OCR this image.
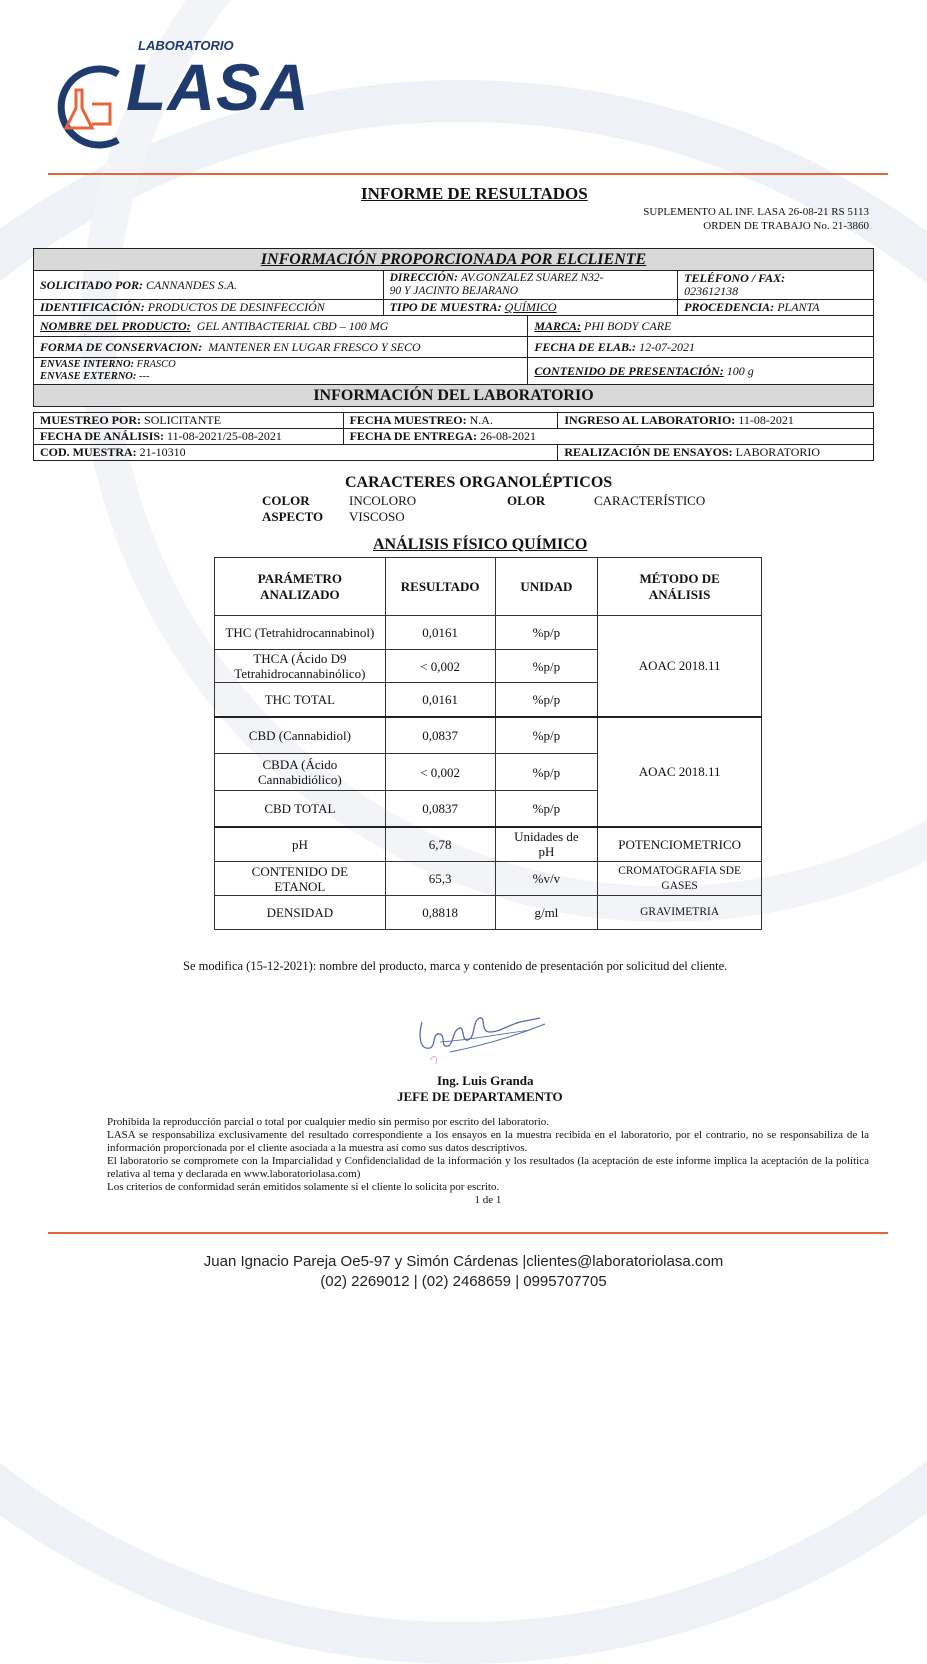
LABORATORIO
LASA
INFORME DE RESULTADOS
SUPLEMENTO AL INF. LASA 26-08-21 RS 5113
ORDEN DE TRABAJO No. 21-3860
INFORMACIÓN PROPORCIONADA POR ELCLIENTE			
SOLICITADO POR: CANNANDES S.A.	DIRECCIÓN: AV.GONZALEZ SUAREZ N32-
90 Y JACINTO BEJARANO		TELÉFONO / FAX:
023612138
IDENTIFICACIÓN: PRODUCTOS DE DESINFECCIÓN	TIPO DE MUESTRA: QUÍMICO		PROCEDENCIA: PLANTA
NOMBRE DEL PRODUCTO: GEL ANTIBACTERIAL CBD – 100 MG		MARCA: PHI BODY CARE	
FORMA DE CONSERVACION: MANTENER EN LUGAR FRESCO Y SECO		FECHA DE ELAB.: 12-07-2021	
ENVASE INTERNO: FRASCO
ENVASE EXTERNO: ---		CONTENIDO DE PRESENTACIÓN: 100 g	
INFORMACIÓN DEL LABORATORIO			
MUESTREO POR: SOLICITANTE	FECHA MUESTREO: N.A.	INGRESO AL LABORATORIO: 11-08-2021
FECHA DE ANÁLISIS: 11-08-2021/25-08-2021	FECHA DE ENTREGA: 26-08-2021	
COD. MUESTRA: 21-10310		REALIZACIÓN DE ENSAYOS: LABORATORIO
CARACTERES ORGANOLÉPTICOS
COLOR	INCOLORO	OLOR	CARACTERÍSTICO
ASPECTO VISCOSO
ANÁLISIS FÍSICO QUÍMICO
PARÁMETRO ANALIZADO	RESULTADO	UNIDAD	MÉTODO DE ANÁLISIS
THC (Tetrahidrocannabinol)	0,0161	%p/p	AOAC 2018.11
THCA (Ácido D9 Tetrahidrocannabinólico)	< 0,002	%p/p	
THC TOTAL	0,0161	%p/p	
CBD (Cannabidiol)	0,0837	%p/p	AOAC 2018.11
CBDA (Ácido Cannabidiólico)	< 0,002	%p/p	
CBD TOTAL	0,0837	%p/p	
pH	6,78	Unidades de pH	POTENCIOMETRICO
CONTENIDO DE ETANOL	65,3	%v/v	CROMATOGRAFIA SDE GASES
DENSIDAD	0,8818	g/ml	GRAVIMETRIA
Se modifica (15-12-2021): nombre del producto, marca y contenido de presentación por solicitud del cliente.
Ing. Luis Granda
JEFE DE DEPARTAMENTO
Prohibida la reproducción parcial o total por cualquier medio sin permiso por escrito del laboratorio.
LASA se responsabiliza exclusivamente del resultado correspondiente a los ensayos en la muestra recibida en el laboratorio, por el contrario, no se responsabiliza de la información proporcionada por el cliente asociada a la muestra así como sus datos descriptivos.
El laboratorio se compromete con la Imparcialidad y Confidencialidad de la información y los resultados (la aceptación de este informe implica la aceptación de la política relativa al tema y declarada en www.laboratoriolasa.com)
Los criterios de conformidad serán emitidos solamente si el cliente lo solicita por escrito.
1 de 1
Juan Ignacio Pareja Oe5-97 y Simón Cárdenas |clientes@laboratoriolasa.com
(02) 2269012 | (02) 2468659 | 0995707705
